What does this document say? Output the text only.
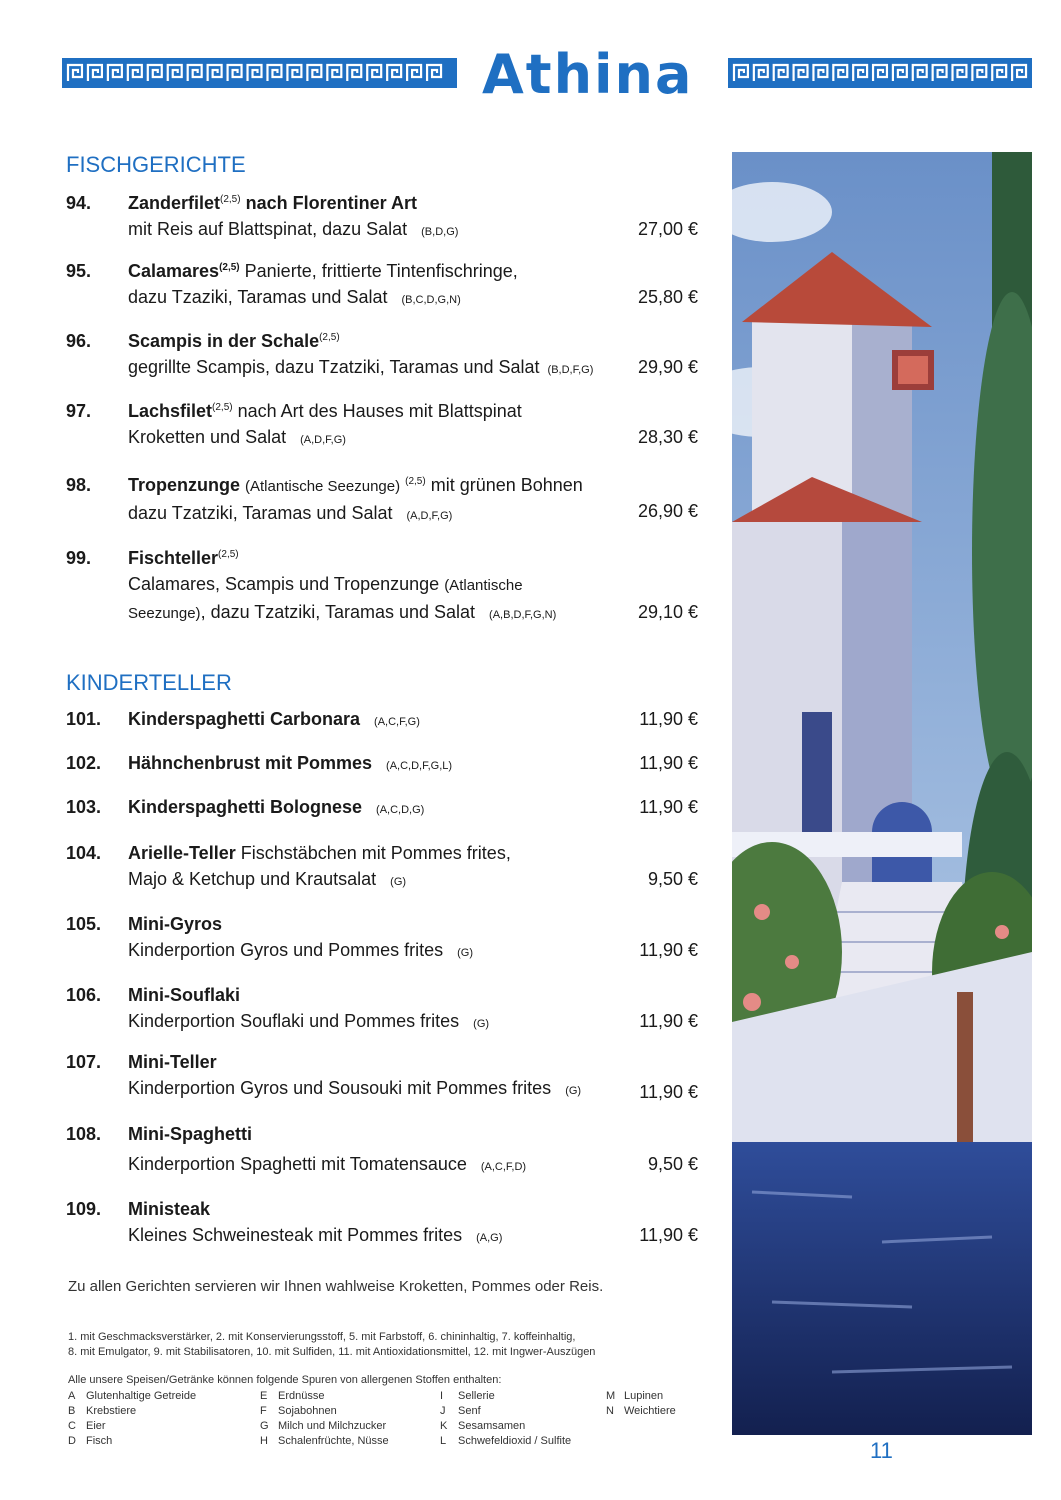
Athina
FISCHGERICHTE
94. Zanderfilet$^{(2,5)}$ nach Florentiner Art
mit Reis auf Blattspinat, dazu Salat (B,D,G)	27,00 €
95. Calamares$^{(2,5)}$ Panierte, frittierte Tintenfischringe,
dazu Tzaziki, Taramas und Salat (B,C,D,G,N)	25,80 €
96. Scampis in der Schale$^{(2,5)}$
gegrillte Scampis, dazu Tzatziki, Taramas und Salat (B,D,F,G)	29,90 €
97. Lachsfilet$^{(2,5)}$ nach Art des Hauses mit Blattspinat
Kroketten und Salat (A,D,F,G)	28,30 €
98. Tropenzunge (Atlantische Seezunge) $^{(2,5)}$ mit grünen Bohnen
dazu Tzatziki, Taramas und Salat (A,D,F,G)	26,90 €
99. Fischteller$^{(2,5)}$
Calamares, Scampis und Tropenzunge (Atlantische
Seezunge), dazu Tzatziki, Taramas und Salat (A,B,D,F,G,N)	29,10 €
KINDERTELLER
101. Kinderspaghetti Carbonara (A,C,F,G)	11,90 €
102. Hähnchenbrust mit Pommes (A,C,D,F,G,L)	11,90 €
103. Kinderspaghetti Bolognese (A,C,D,G)	11,90 €
104. Arielle-Teller Fischstäbchen mit Pommes frites,
Majo & Ketchup und Krautsalat (G)	9,50 €
105. Mini-Gyros
Kinderportion Gyros und Pommes frites (G)	11,90 €
106. Mini-Souflaki
Kinderportion Souflaki und Pommes frites (G)	11,90 €
107. Mini-Teller
Kinderportion Gyros und Sousouki mit Pommes frites (G)	11,90 €
108. Mini-Spaghetti
Kinderportion Spaghetti mit Tomatensauce (A,C,F,D)	9,50 €
109. Ministeak
Kleines Schweinesteak mit Pommes frites (A,G)	11,90 €
Zu allen Gerichten servieren wir Ihnen wahlweise Kroketten, Pommes oder Reis.
1. mit Geschmacksverstärker, 2. mit Konservierungsstoff, 5. mit Farbstoff, 6. chininhaltig, 7. koffeinhaltig,
8. mit Emulgator, 9. mit Stabilisatoren, 10. mit Sulfiden, 11. mit Antioxidationsmittel, 12. mit Ingwer-Auszügen
Alle unsere Speisen/Getränke können folgende Spuren von allergenen Stoffen enthalten:
A Glutenhaltige Getreide
B Krebstiere
C Eier
D Fisch
E Erdnüsse
F Sojabohnen
G Milch und Milchzucker
H Schalenfrüchte, Nüsse
I Sellerie
J Senf
K Sesamsamen
L Schwefeldioxid / Sulfite
M Lupinen
N Weichtiere
11
